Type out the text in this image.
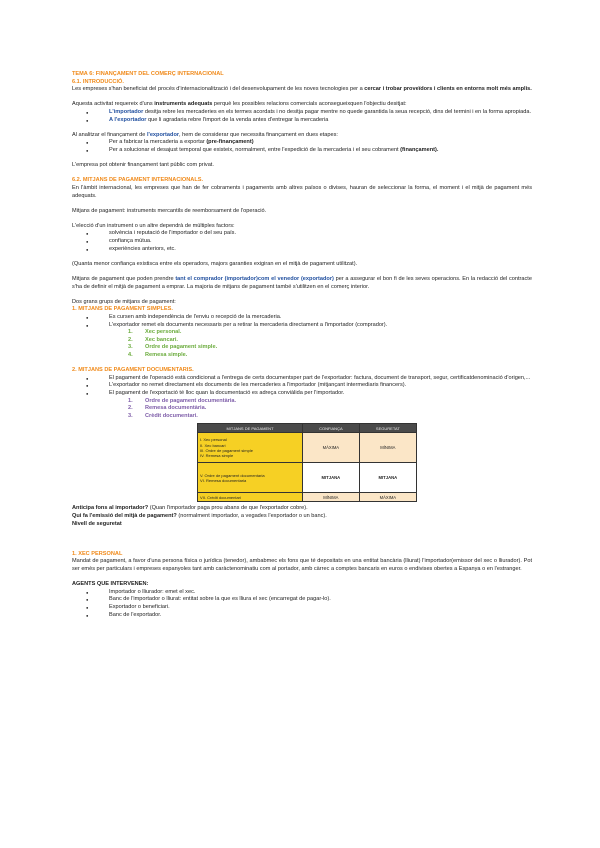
TEMA 6: FINANÇAMENT DEL COMERÇ INTERNACIONAL

6.1. INTRODUCCIÓ.

Les empreses s'han beneficiat del procés d'internacionalització i del desenvolupament de les noves tecnologies per a cercar i trobar proveïdors i clients en entorns molt més amplis.

Aquesta activitat requereix d'uns instruments adequats perquè les possibles relacions comercials aconsegueixquen l'objectiu desitjat:

● L'importador desitja rebre les mercaderies en els termes acordats i no desitja pagar mentre no quede garantida la seua recepció, dins del termini i en la forma apropiada.
● A l'exportador que li agradaria rebre l'import de la venda antes d'entregar la mercaderia

Al analitzar el finançament de l'exportador, hem de considerar que necessita finançament en dues etapes:

● Per a fabricar la mercaderia a exportar (pre-finançament)
● Per a solucionar el desajust temporal que existeix, normalment, entre l'expedició de la mercaderia i el seu cobrament (finançament).

L'empresa pot obtenir finançament tant públic com privat.

6.2. MITJANS DE PAGAMENT INTERNACIONALS.

En l'àmbit internacional, les empreses que han de fer cobraments i pagaments amb altres països o divises, hauran de seleccionar la forma, el moment i el mitjà de pagament més adequats.

Mitjans de pagament: instruments mercantils de reemborsament de l'operació.

L'elecció d'un instrument o un altre dependrà de múltiples factors:

● solvència i reputació de l'importador o del seu país.
● confiança mútua.
● experiències anteriors, etc.

(Quanta menor confiança existisca entre els operadors, majors garanties exigiran en el mitjà de pagament utilitzat).

Mitjans de pagament que poden prendre tant el comprador (importador)com el venedor (exportador) per a assegurar el bon fi de les seves operacions. En la redacció del contracte s'ha de definir el mitjà de pagament a emprar. La majoria de mitjans de pagament també s'utilitzen en el comerç interior.

Dos grans grups de mitjans de pagament:

1. MITJANS DE PAGAMENT SIMPLES.

● Es cursen amb independència de l'enviu o recepció de la mercaderia.
● L'exportador remet els documents necessaris per a retirar la mercaderia directament a l'importador (comprador).
1. Xec personal.
2. Xec bancari.
3. Ordre de pagament simple.
4. Remesa simple.

2. MITJANS DE PAGAMENT DOCUMENTARIS.

● El pagament de l'operació està condicionat a l'entrega de certs documentsper part de l'exportador: factura, document de transport, segur, certificatdenominació d'origen,...
● L'exportador no remet directament els documents de les mercaderies a l'importador (mitjançant intermediaris financers).
● El pagament de l'exportació té lloc quan la documentació es adreça conviàlida per l'importador.
1. Ordre de pagament documentària.
2. Remesa documentària.
3. Crèdit documentari.
MITJANS DE PAGAMENT	CONFIANÇA	SEGURETAT

I. Xec personal
II. Xec bancari
III. Ordre de pagament simple
IV. Remesa simple	MÀXIMA	MÍNIMA

V. Ordre de pagament documentaria
VI. Remesa documentaria	MITJANA	MITJANA

VII. Crèdit documentari	MÍNIMA	MÀXIMA

Anticipa fons al importador? (Quan l'importador paga prou abans de que l'exportador cobre).

Qui fa l'emissió del mitjà de pagament? (normalment importador, a vegades l'exportador o un banc).

Nivell de seguretat

1. XEC PERSONAL

Mandat de pagament, a favor d'una persona física o jurídica (tenedor), ambabmec els fons que té depositats en una entitat bancària (lliurat) l'importador(emissor del xec o lliurador). Pot ser emès per particulars i empreses espanyoles tant amb caràctenominatiu com al portador, amb càrrec a comptes bancaris en euros o endivises obertes a Espanya o en l'estranger.

AGENTS QUE INTERVENEN:

● Importador o lliurador: emet el xec.
● Banc de l'importador o lliurat: entitat sobre la que es lliura el xec (encarregat de pagar-lo).
● Exportador o beneficiari.
● Banc de l'exportador.
